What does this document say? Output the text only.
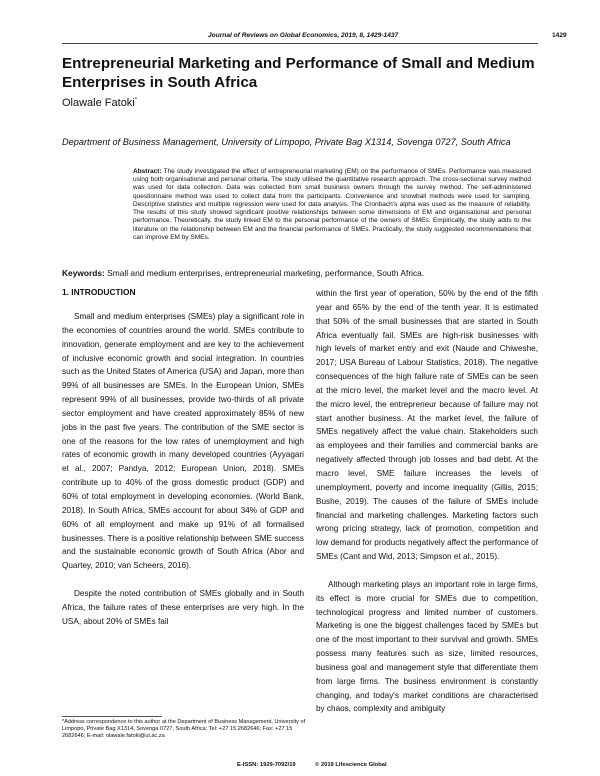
Journal of Reviews on Global Economics, 2019, 8, 1429-1437	1429
Entrepreneurial Marketing and Performance of Small and Medium Enterprises in South Africa
Olawale Fatoki*
Department of Business Management, University of Limpopo, Private Bag X1314, Sovenga 0727, South Africa
Abstract: The study investigated the effect of entrepreneurial marketing (EM) on the performance of SMEs. Performance was measured using both organisational and personal criteria. The study utilised the quantitative research approach. The cross-sectional survey method was used for data collection. Data was collected from small business owners through the survey method. The self-administered questionnaire method was used to collect data from the participants. Convenience and snowball methods were used for sampling. Descriptive statistics and multiple regression were used for data analysis. The Cronbach's alpha was used as the measure of reliability. The results of this study showed significant positive relationships between some dimensions of EM and organisational and personal performance. Theoretically, the study linked EM to the personal performance of the owners of SMEs. Empirically, the study adds to the literature on the relationship between EM and the financial performance of SMEs. Practically, the study suggested recommendations that can improve EM by SMEs.
Keywords: Small and medium enterprises, entrepreneurial marketing, performance, South Africa.
1. INTRODUCTION

Small and medium enterprises (SMEs) play a significant role in the economies of countries around the world. SMEs contribute to innovation, generate employment and are key to the achievement of inclusive economic growth and social integration. In countries such as the United States of America (USA) and Japan, more than 99% of all businesses are SMEs. In the European Union, SMEs represent 99% of all businesses, provide two-thirds of all private sector employment and have created approximately 85% of new jobs in the past five years. The contribution of the SME sector is one of the reasons for the low rates of unemployment and high rates of economic growth in many developed countries (Ayyagari et al., 2007; Pandya, 2012; European Union, 2018). SMEs contribute up to 40% of the gross domestic product (GDP) and 60% of total employment in developing economies. (World Bank, 2018). In South Africa, SMEs account for about 34% of GDP and 60% of all employment and make up 91% of all formalised businesses. There is a positive relationship between SME success and the sustainable economic growth of South Africa (Abor and Quartey, 2010; van Scheers, 2016).

Despite the noted contribution of SMEs globally and in South Africa, the failure rates of these enterprises are very high. In the USA, about 20% of SMEs fail

within the first year of operation, 50% by the end of the fifth year and 65% by the end of the tenth year. It is estimated that 50% of the small businesses that are started in South Africa eventually fail. SMEs are high-risk businesses with high levels of market entry and exit (Naude and Chiweshe, 2017; USA Bureau of Labour Statistics, 2018). The negative consequences of the high failure rate of SMEs can be seen at the micro level, the market level and the macro level. At the micro level, the entrepreneur because of failure may not start another business. At the market level, the failure of SMEs negatively affect the value chain. Stakeholders such as employees and their families and commercial banks are negatively affected through job losses and bad debt. At the macro level, SME failure increases the levels of unemployment, poverty and income inequality (Gillis, 2015; Bushe, 2019). The causes of the failure of SMEs include financial and marketing challenges. Marketing factors such wrong pricing strategy, lack of promotion, competition and low demand for products negatively affect the performance of SMEs (Cant and Wid, 2013; Simpson et al., 2015).

Although marketing plays an important role in large firms, its effect is more crucial for SMEs due to competition, technological progress and limited number of customers. Marketing is one the biggest challenges faced by SMEs but one of the most important to their survival and growth. SMEs possess many features such as size, limited resources, business goal and management style that differentiate them from large firms. The business environment is constantly changing, and today's market conditions are characterised by chaos, complexity and ambiguity

*Address correspondence to this author at the Department of Business Management, University of Limpopo, Private Bag X1314, Sovenga 0727, South Africa; Tel: +27 15 2682646; Fax: +27 15 2682646; E-mail: olawale.fatoki@ul.ac.za
E-ISSN: 1929-7092/19	© 2019 Lifescience Global
